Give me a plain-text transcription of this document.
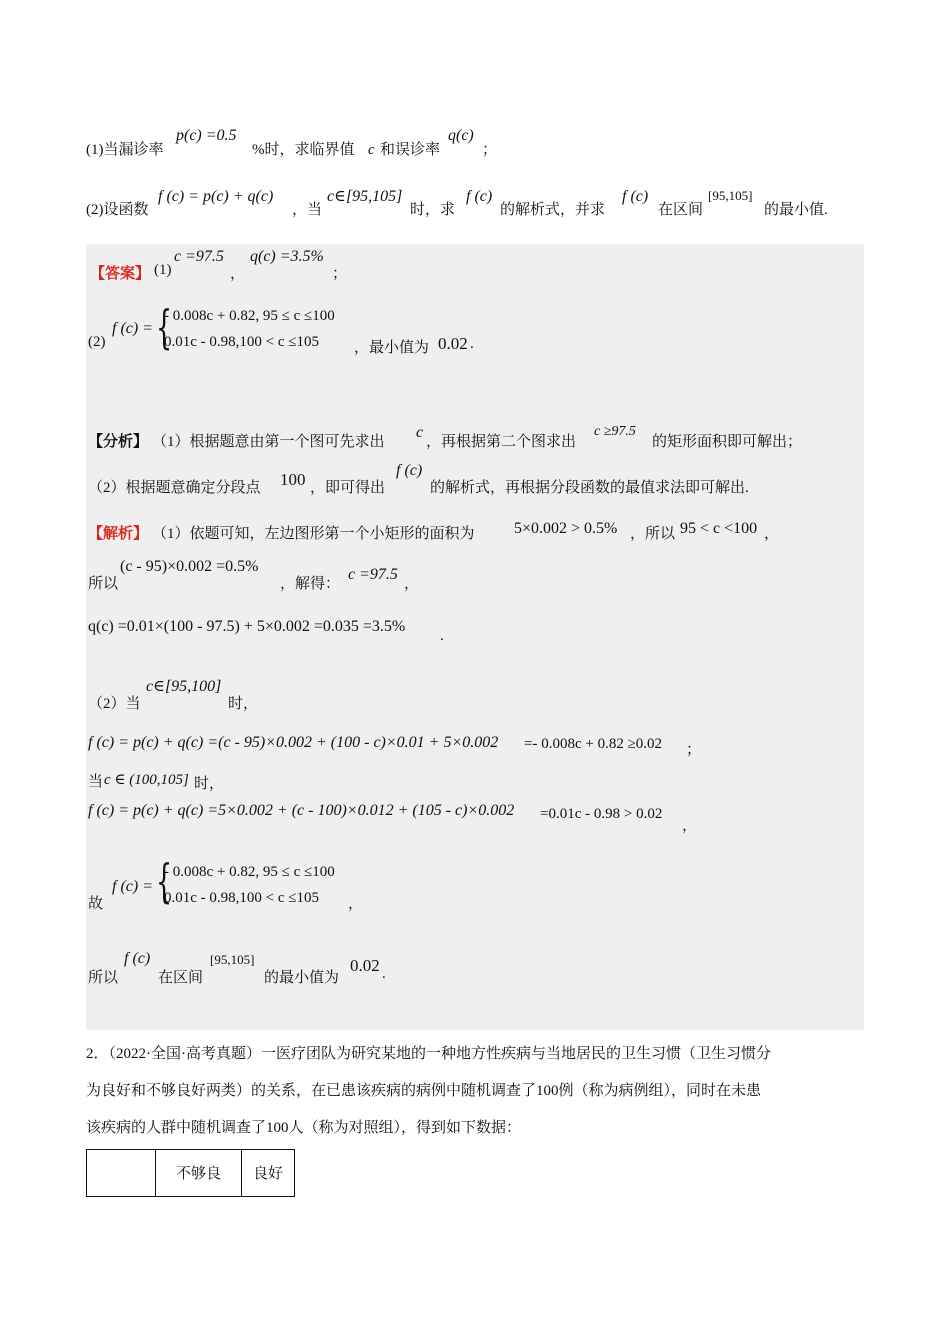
(1)当漏诊率
p(c) =0.5
%时，求临界值 c 和误诊率
q(c)
；
(2)设函数
f (c) = p(c) + q(c)
，当
c∈[95,105]
时，求
f (c)
的解析式，并求
f (c)
在区间
[95,105]
的最小值.
【答案】 (1)
c =97.5
，
q(c) =3.5%
；
(2)
f (c) = {
- 0.008c + 0.82, 95 ≤ c ≤100
0.01c - 0.98,100 < c ≤105 ，最小值为 0.02 .
【分析】 （1）根据题意由第一个图可先求出
c
，再根据第二个图求出
c ≥97.5
的矩形面积即可解出；
（2）根据题意确定分段点 100 ，即可得出
f (c)
的解析式，再根据分段函数的最值求法即可解出.
【解析】 （1）依题可知，左边图形第一个小矩形的面积为 5×0.002 > 0.5% ，所以 95 < c <100 ，
所以
(c - 95)×0.002 =0.5%
，解得：
c =97.5
，
q(c) =0.01×(100 - 97.5) + 5×0.002 =0.035 =3.5%
.
（2）当
c∈[95,100]
时，
f (c) = p(c) + q(c) =(c - 95)×0.002 + (100 - c)×0.01 + 5×0.002 =- 0.008c + 0.82 ≥0.02 ；
当 c ∈ (100,105] 时，
f (c) = p(c) + q(c) =5×0.002 + (c - 100)×0.012 + (105 - c)×0.002 =0.01c - 0.98 > 0.02
，
故
f (c) = {
- 0.008c + 0.82, 95 ≤ c ≤100
0.01c - 0.98,100 < c ≤105 ，
所以
f (c)
在区间
[95,105]
的最小值为
0.02 .
2．（2022·全国·高考真题）一医疗团队为研究某地的一种地方性疾病与当地居民的卫生习惯（卫生习惯分
为良好和不够良好两类）的关系，在已患该疾病的病例中随机调查了100例（称为病例组），同时在未患
该疾病的人群中随机调查了100人（称为对照组），得到如下数据：
	不够良	良好
